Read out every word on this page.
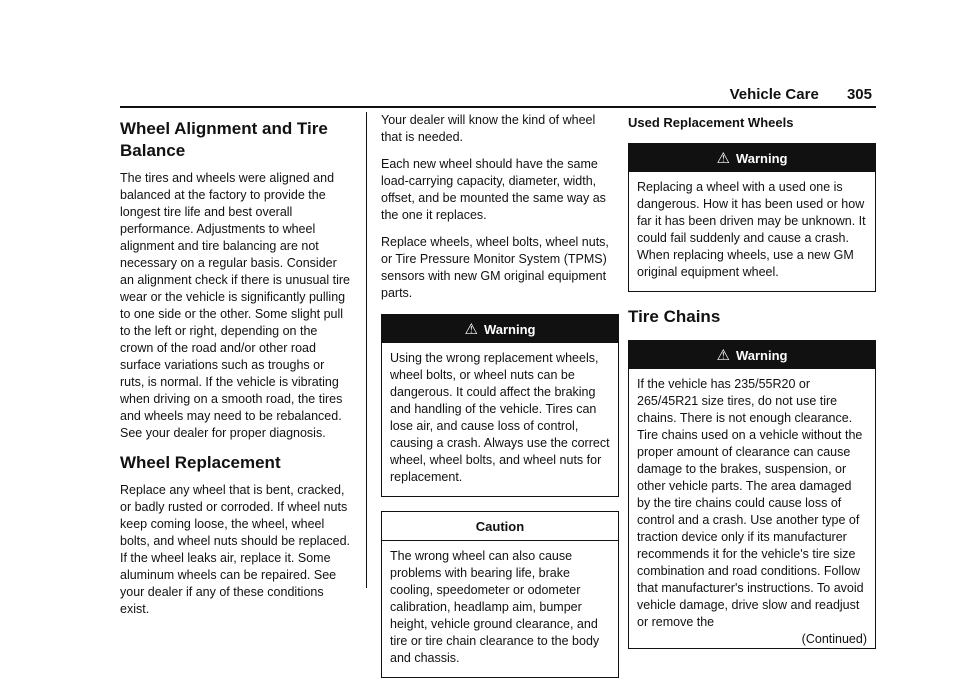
Vehicle Care 305
Wheel Alignment and Tire Balance

The tires and wheels were aligned and balanced at the factory to provide the longest tire life and best overall performance. Adjustments to wheel alignment and tire balancing are not necessary on a regular basis. Consider an alignment check if there is unusual tire wear or the vehicle is significantly pulling to one side or the other. Some slight pull to the left or right, depending on the crown of the road and/or other road surface variations such as troughs or ruts, is normal. If the vehicle is vibrating when driving on a smooth road, the tires and wheels may need to be rebalanced. See your dealer for proper diagnosis.

Wheel Replacement

Replace any wheel that is bent, cracked, or badly rusted or corroded. If wheel nuts keep coming loose, the wheel, wheel bolts, and wheel nuts should be replaced. If the wheel leaks air, replace it. Some aluminum wheels can be repaired. See your dealer if any of these conditions exist.

Your dealer will know the kind of wheel that is needed.

Each new wheel should have the same load-carrying capacity, diameter, width, offset, and be mounted the same way as the one it replaces.

Replace wheels, wheel bolts, wheel nuts, or Tire Pressure Monitor System (TPMS) sensors with new GM original equipment parts.

⚠ Warning
Using the wrong replacement wheels, wheel bolts, or wheel nuts can be dangerous. It could affect the braking and handling of the vehicle. Tires can lose air, and cause loss of control, causing a crash. Always use the correct wheel, wheel bolts, and wheel nuts for replacement.
Caution
The wrong wheel can also cause problems with bearing life, brake cooling, speedometer or odometer calibration, headlamp aim, bumper height, vehicle ground clearance, and tire or tire chain clearance to the body and chassis.
Used Replacement Wheels
⚠ Warning
Replacing a wheel with a used one is dangerous. How it has been used or how far it has been driven may be unknown. It could fail suddenly and cause a crash. When replacing wheels, use a new GM original equipment wheel.
Tire Chains
⚠ Warning
If the vehicle has 235/55R20 or 265/45R21 size tires, do not use tire chains. There is not enough clearance. Tire chains used on a vehicle without the proper amount of clearance can cause damage to the brakes, suspension, or other vehicle parts. The area damaged by the tire chains could cause loss of control and a crash. Use another type of traction device only if its manufacturer recommends it for the vehicle's tire size combination and road conditions. Follow that manufacturer's instructions. To avoid vehicle damage, drive slow and readjust or remove the
(Continued)
